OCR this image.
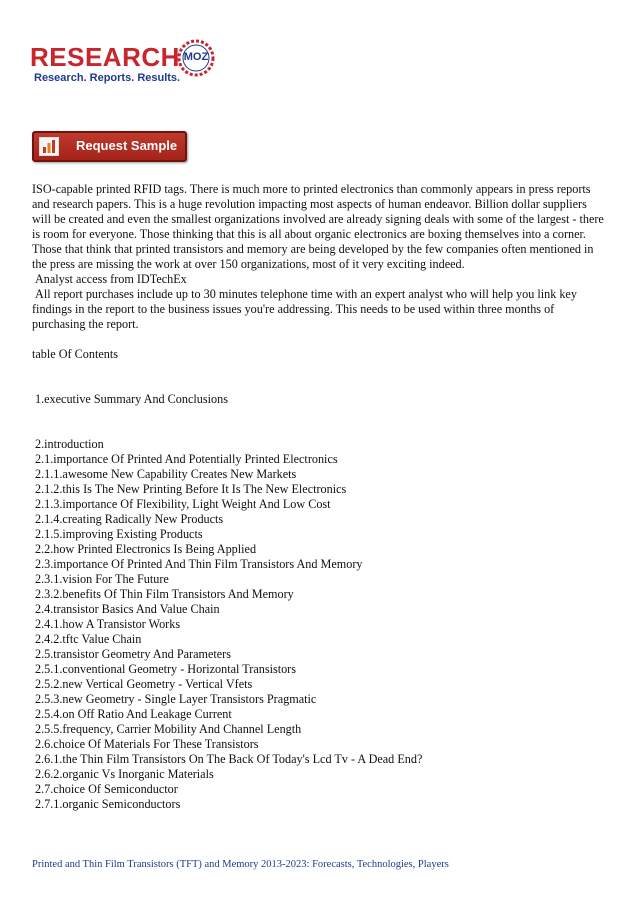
RESEARCH
Research. Reports. Results.
MOZ
Request Sample

ISO-capable printed RFID tags. There is much more to printed electronics than commonly appears in press reports and research papers. This is a huge revolution impacting most aspects of human endeavor. Billion dollar suppliers will be created and even the smallest organizations involved are already signing deals with some of the largest - there is room for everyone. Those thinking that this is all about organic electronics are boxing themselves into a corner. Those that think that printed transistors and memory are being developed by the few companies often mentioned in the press are missing the work at over 150 organizations, most of it very exciting indeed.

Analyst access from IDTechEx

All report purchases include up to 30 minutes telephone time with an expert analyst who will help you link key findings in the report to the business issues you're addressing. This needs to be used within three months of purchasing the report.

table Of Contents
1.executive Summary And Conclusions
2.introduction
2.1.importance Of Printed And Potentially Printed Electronics
2.1.1.awesome New Capability Creates New Markets
2.1.2.this Is The New Printing Before It Is The New Electronics
2.1.3.importance Of Flexibility, Light Weight And Low Cost
2.1.4.creating Radically New Products
2.1.5.improving Existing Products
2.2.how Printed Electronics Is Being Applied
2.3.importance Of Printed And Thin Film Transistors And Memory
2.3.1.vision For The Future
2.3.2.benefits Of Thin Film Transistors And Memory
2.4.transistor Basics And Value Chain
2.4.1.how A Transistor Works
2.4.2.tftc Value Chain
2.5.transistor Geometry And Parameters
2.5.1.conventional Geometry - Horizontal Transistors
2.5.2.new Vertical Geometry - Vertical Vfets
2.5.3.new Geometry - Single Layer Transistors Pragmatic
2.5.4.on Off Ratio And Leakage Current
2.5.5.frequency, Carrier Mobility And Channel Length
2.6.choice Of Materials For These Transistors
2.6.1.the Thin Film Transistors On The Back Of Today's Lcd Tv - A Dead End?
2.6.2.organic Vs Inorganic Materials
2.7.choice Of Semiconductor
2.7.1.organic Semiconductors
Printed and Thin Film Transistors (TFT) and Memory 2013-2023: Forecasts, Technologies, Players
